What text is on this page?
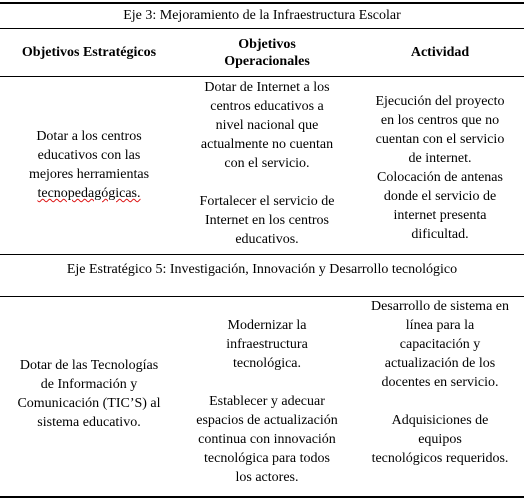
Eje 3: Mejoramiento de la Infraestructura Escolar
Objetivos Estratégicos
Objetivos
Operacionales
Actividad
Dotar a los centros
educativos con las
mejores herramientas
tecnopedagógicas.
Dotar de Internet a los
centros educativos a
nivel nacional que
actualmente no cuentan
con el servicio.
Fortalecer el servicio de
Internet en los centros
educativos.
Ejecución del proyecto
en los centros que no
cuentan con el servicio
de internet.
Colocación de antenas
donde el servicio de
internet presenta
dificultad.
Eje Estratégico 5: Investigación, Innovación y Desarrollo tecnológico
Dotar de las Tecnologías
de Información y
Comunicación (TIC’S) al
sistema educativo.
Modernizar la
infraestructura
tecnológica.
Establecer y adecuar
espacios de actualización
continua con innovación
tecnológica para todos
los actores.
Desarrollo de sistema en
línea para la
capacitación y
actualización de los
docentes en servicio.
Adquisiciones de
equipos
tecnológicos requeridos.
